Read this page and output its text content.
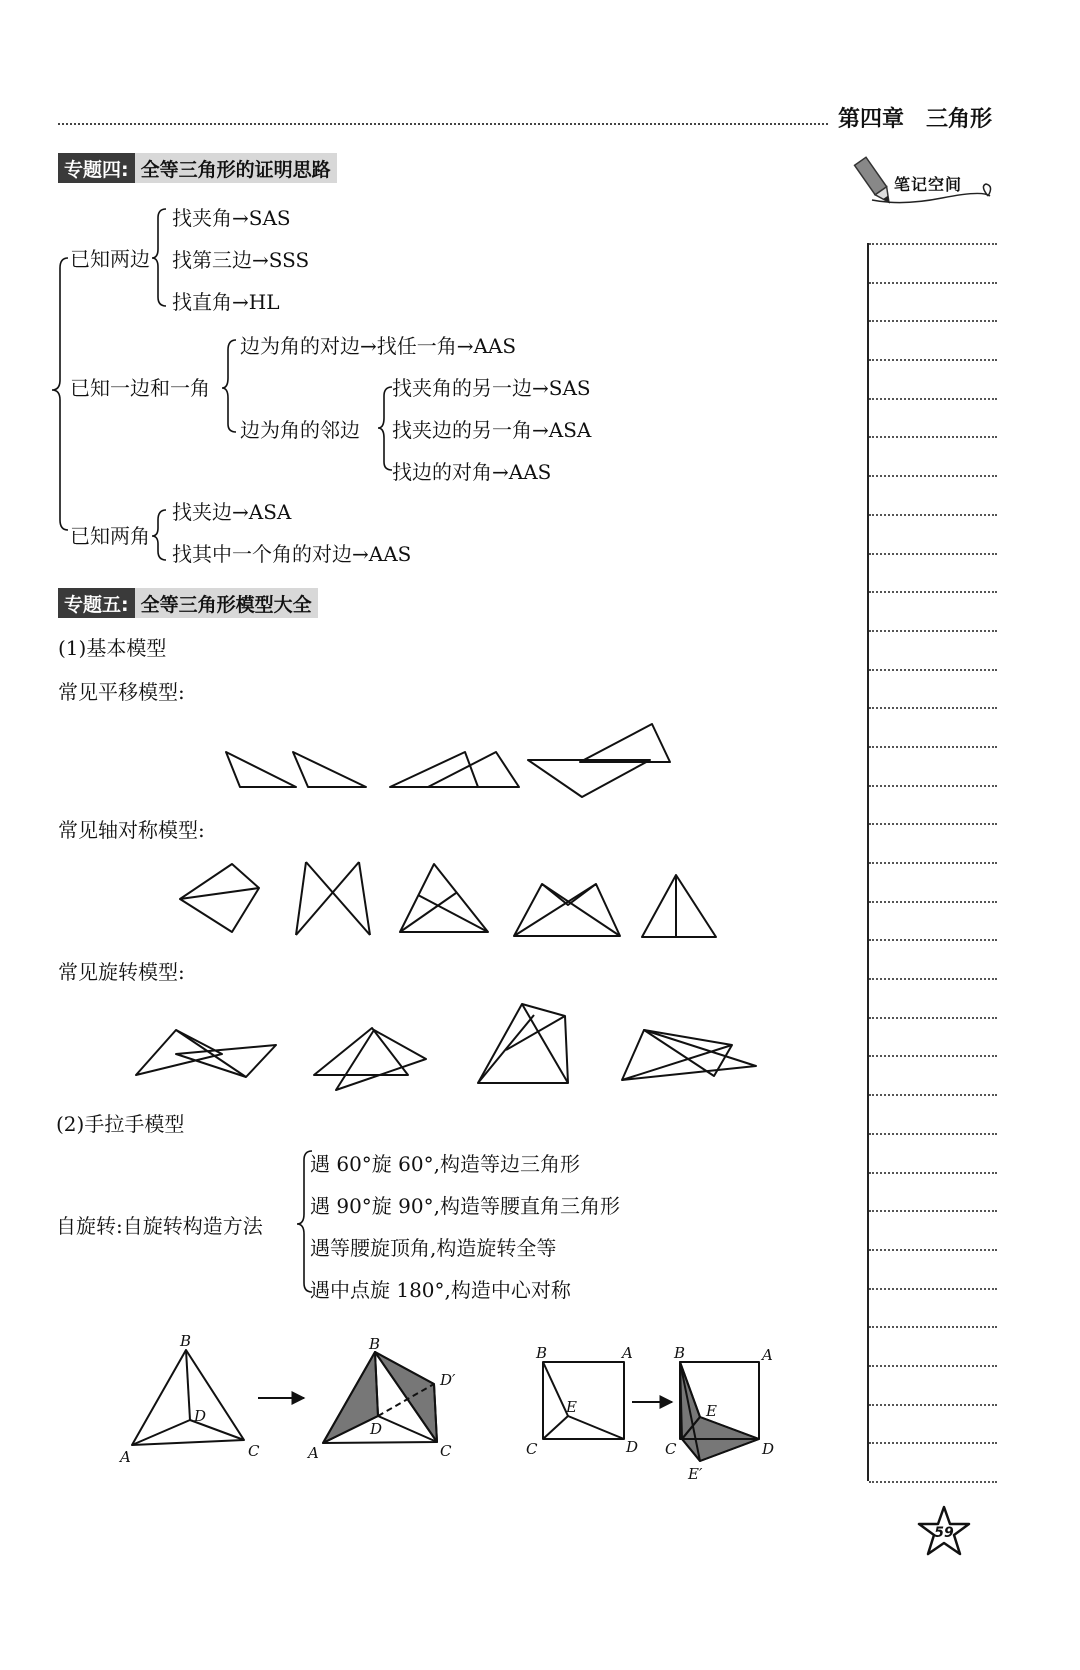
第四章　三角形
笔记空间
专题四: 全等三角形的证明思路
已知两边
找夹角→SAS
找第三边→SSS
找直角→HL
已知一边和一角
边为角的对边→找任一角→AAS
边为角的邻边
找夹角的另一边→SAS
找夹边的另一角→ASA
找边的对角→AAS
已知两角
找夹边→ASA
找其中一个角的对边→AAS
专题五: 全等三角形模型大全
(1)基本模型
常见平移模型:
常见轴对称模型:
常见旋转模型:
(2)手拉手模型
自旋转:自旋转构造方法
遇 60°旋 60°,构造等边三角形
遇 90°旋 90°,构造等腰直角三角形
遇等腰旋顶角,构造旋转全等
遇中点旋 180°,构造中心对称
B
D
A	C
B
D′
D
A	C
B	A
E
C	D
B	A
E
C	D
E′
59
